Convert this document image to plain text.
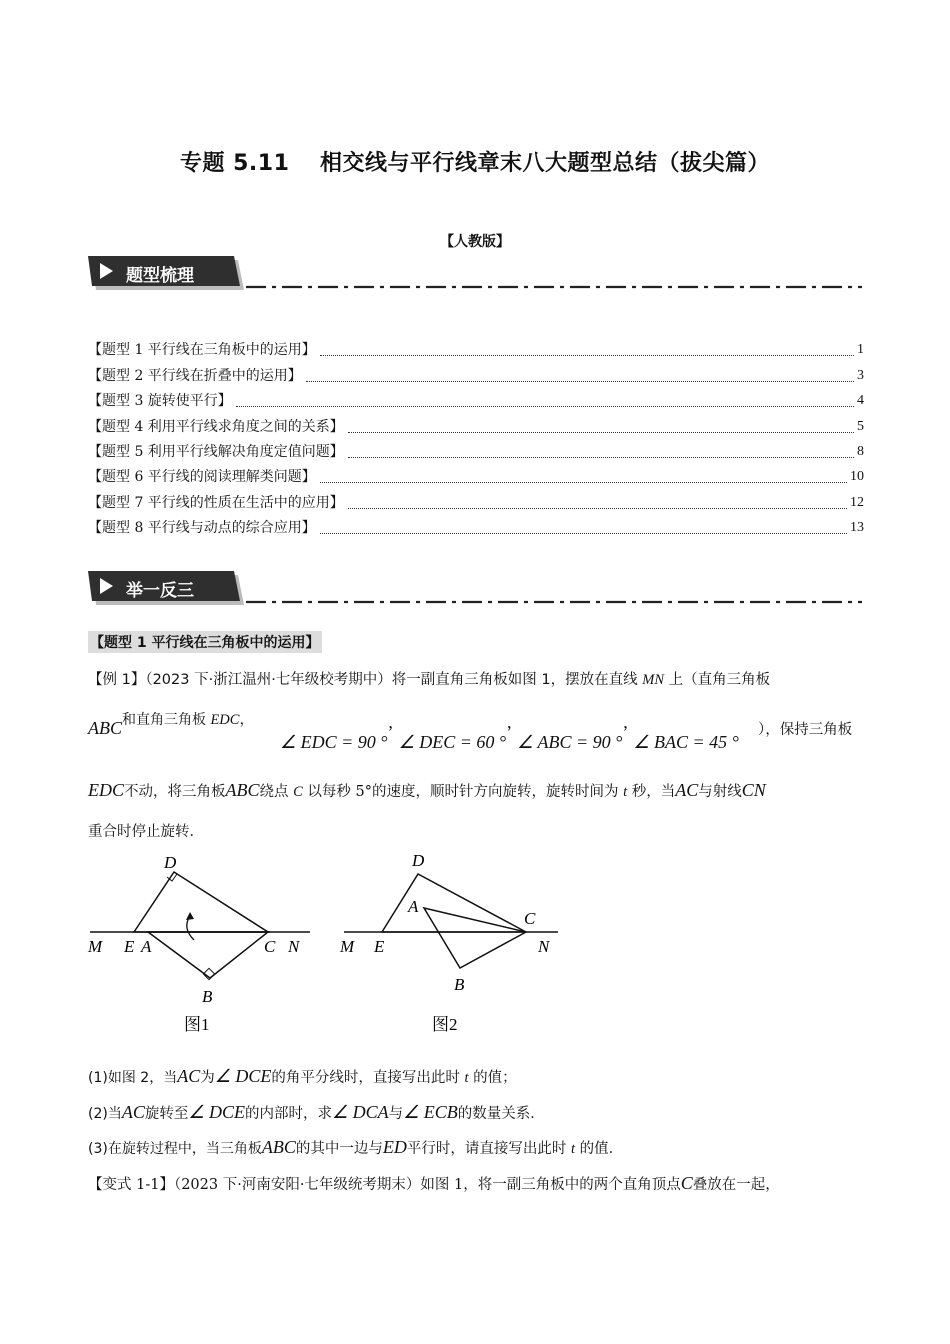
专题 5.11　 相交线与平行线章末八大题型总结（拔尖篇）
【人教版】
题型梳理
【题型 1 平行线在三角板中的运用】	1
【题型 2 平行线在折叠中的运用】	3
【题型 3 旋转使平行】	4
【题型 4 利用平行线求角度之间的关系】	5
【题型 5 利用平行线解决角度定值问题】	8
【题型 6 平行线的阅读理解类问题】	10
【题型 7 平行线的性质在生活中的应用】	12
【题型 8 平行线与动点的综合应用】	13
举一反三
【题型 1 平行线在三角板中的运用】
【例 1】（2023 下·浙江温州·七年级校考期中）将一副直角三角板如图 1，摆放在直线 MN 上（直角三角板
ABC和直角三角板 EDC，
∠ EDC = 90 °’ ∠ DEC = 60 °’ ∠ ABC = 90 °’ ∠ BAC = 45 °
），保持三角板
EDC不动，将三角板ABC绕点 C 以每秒 5°的速度，顺时针方向旋转，旋转时间为 t 秒，当AC与射线CN
重合时停止旋转．
D
M E A	C N
B
图1
D
A
C
M E	N
B
图2
(1)如图 2，当AC为∠ DCE的角平分线时，直接写出此时 t 的值；
(2)当AC旋转至∠ DCE的内部时，求∠ DCA与∠ ECB的数量关系．
(3)在旋转过程中，当三角板ABC的其中一边与ED平行时，请直接写出此时 t 的值．
【变式 1-1】（2023 下·河南安阳·七年级统考期末）如图 1，将一副三角板中的两个直角顶点C叠放在一起，
